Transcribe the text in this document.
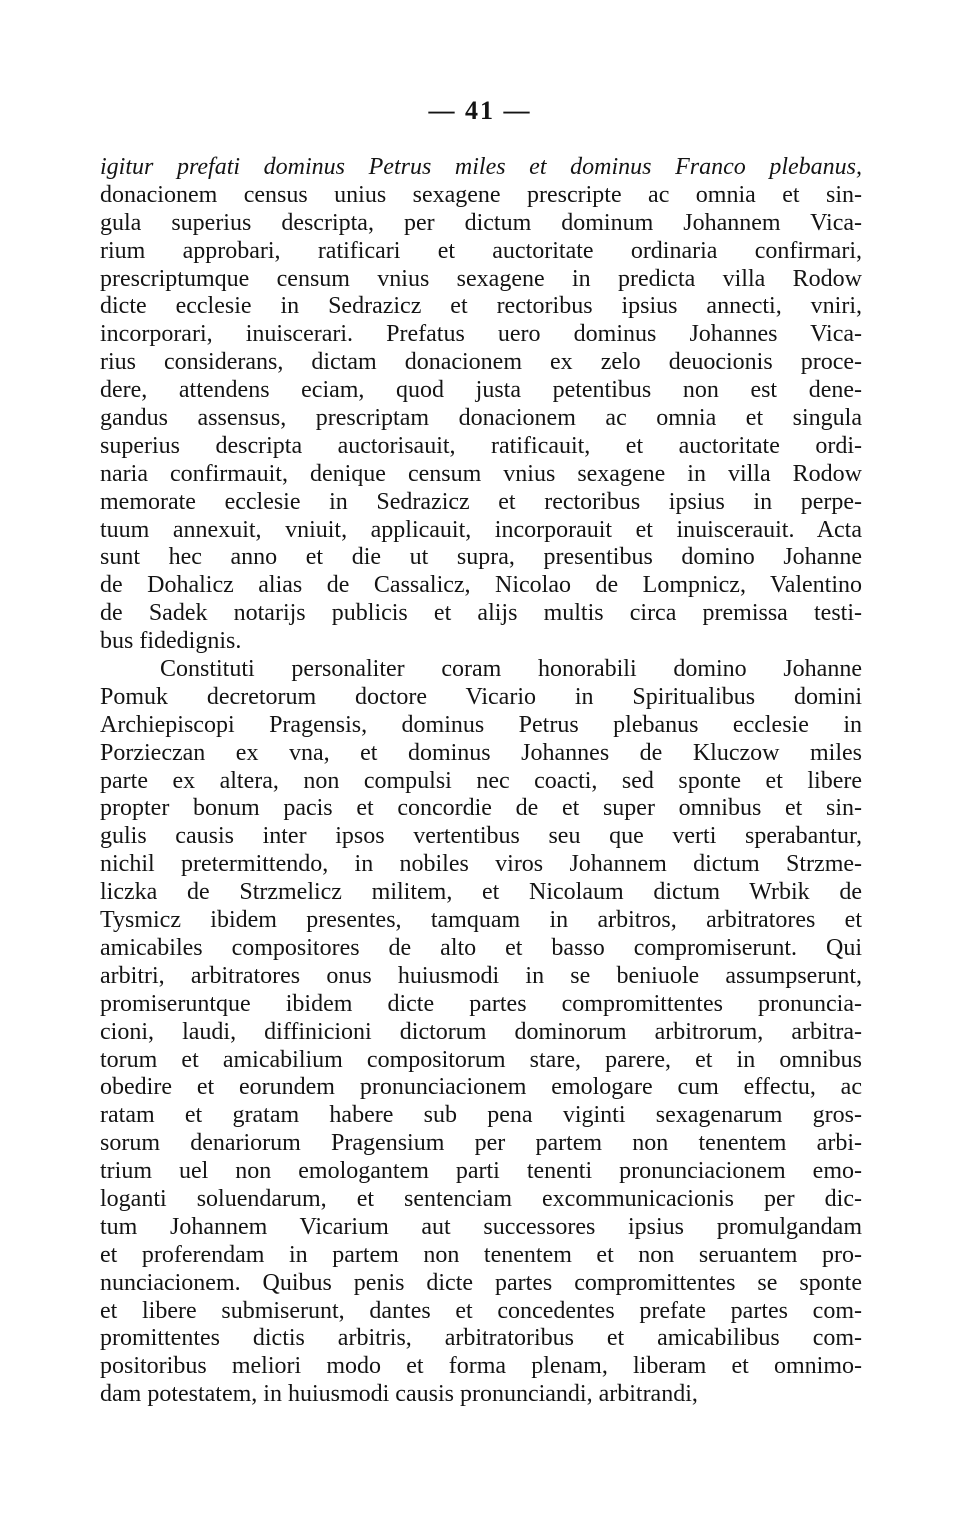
— 41 —
igitur prefati dominus Petrus miles et dominus Franco plebanus,
donacionem census unius sexagene prescripte ac omnia et sin-
gula superius descripta, per dictum dominum Johannem Vica-
rium approbari, ratificari et auctoritate ordinaria confirmari,
prescriptumque censum vnius sexagene in predicta villa Rodow
dicte ecclesie in Sedrazicz et rectoribus ipsius annecti, vniri,
incorporari, inuiscerari. Prefatus uero dominus Johannes Vica-
rius considerans, dictam donacionem ex zelo deuocionis proce-
dere, attendens eciam, quod justa petentibus non est dene-
gandus assensus, prescriptam donacionem ac omnia et singula
superius descripta auctorisauit, ratificauit, et auctoritate ordi-
naria confirmauit, denique censum vnius sexagene in villa Rodow
memorate ecclesie in Sedrazicz et rectoribus ipsius in perpe-
tuum annexuit, vniuit, applicauit, incorporauit et inuiscerauit. Acta
sunt hec anno et die ut supra, presentibus domino Johanne
de Dohalicz alias de Cassalicz, Nicolao de Lompnicz, Valentino
de Sadek notarijs publicis et alijs multis circa premissa testi-
bus fidedignis.
Constituti personaliter coram honorabili domino Johanne
Pomuk decretorum doctore Vicario in Spiritualibus domini
Archiepiscopi Pragensis, dominus Petrus plebanus ecclesie in
Porzieczan ex vna, et dominus Johannes de Kluczow miles
parte ex altera, non compulsi nec coacti, sed sponte et libere
propter bonum pacis et concordie de et super omnibus et sin-
gulis causis inter ipsos vertentibus seu que verti sperabantur,
nichil pretermittendo, in nobiles viros Johannem dictum Strzme-
liczka de Strzmelicz militem, et Nicolaum dictum Wrbik de
Tysmicz ibidem presentes, tamquam in arbitros, arbitratores et
amicabiles compositores de alto et basso compromiserunt. Qui
arbitri, arbitratores onus huiusmodi in se beniuole assumpserunt,
promiseruntque ibidem dicte partes compromittentes pronuncia-
cioni, laudi, diffinicioni dictorum dominorum arbitrorum, arbitra-
torum et amicabilium compositorum stare, parere, et in omnibus
obedire et eorundem pronunciacionem emologare cum effectu, ac
ratam et gratam habere sub pena viginti sexagenarum gros-
sorum denariorum Pragensium per partem non tenentem arbi-
trium uel non emologantem parti tenenti pronunciacionem emo-
loganti soluendarum, et sentenciam excommunicacionis per dic-
tum Johannem Vicarium aut successores ipsius promulgandam
et proferendam in partem non tenentem et non seruantem pro-
nunciacionem. Quibus penis dicte partes compromittentes se sponte
et libere submiserunt, dantes et concedentes prefate partes com-
promittentes dictis arbitris, arbitratoribus et amicabilibus com-
positoribus meliori modo et forma plenam, liberam et omnimo-
dam potestatem, in huiusmodi causis pronunciandi, arbitrandi,
